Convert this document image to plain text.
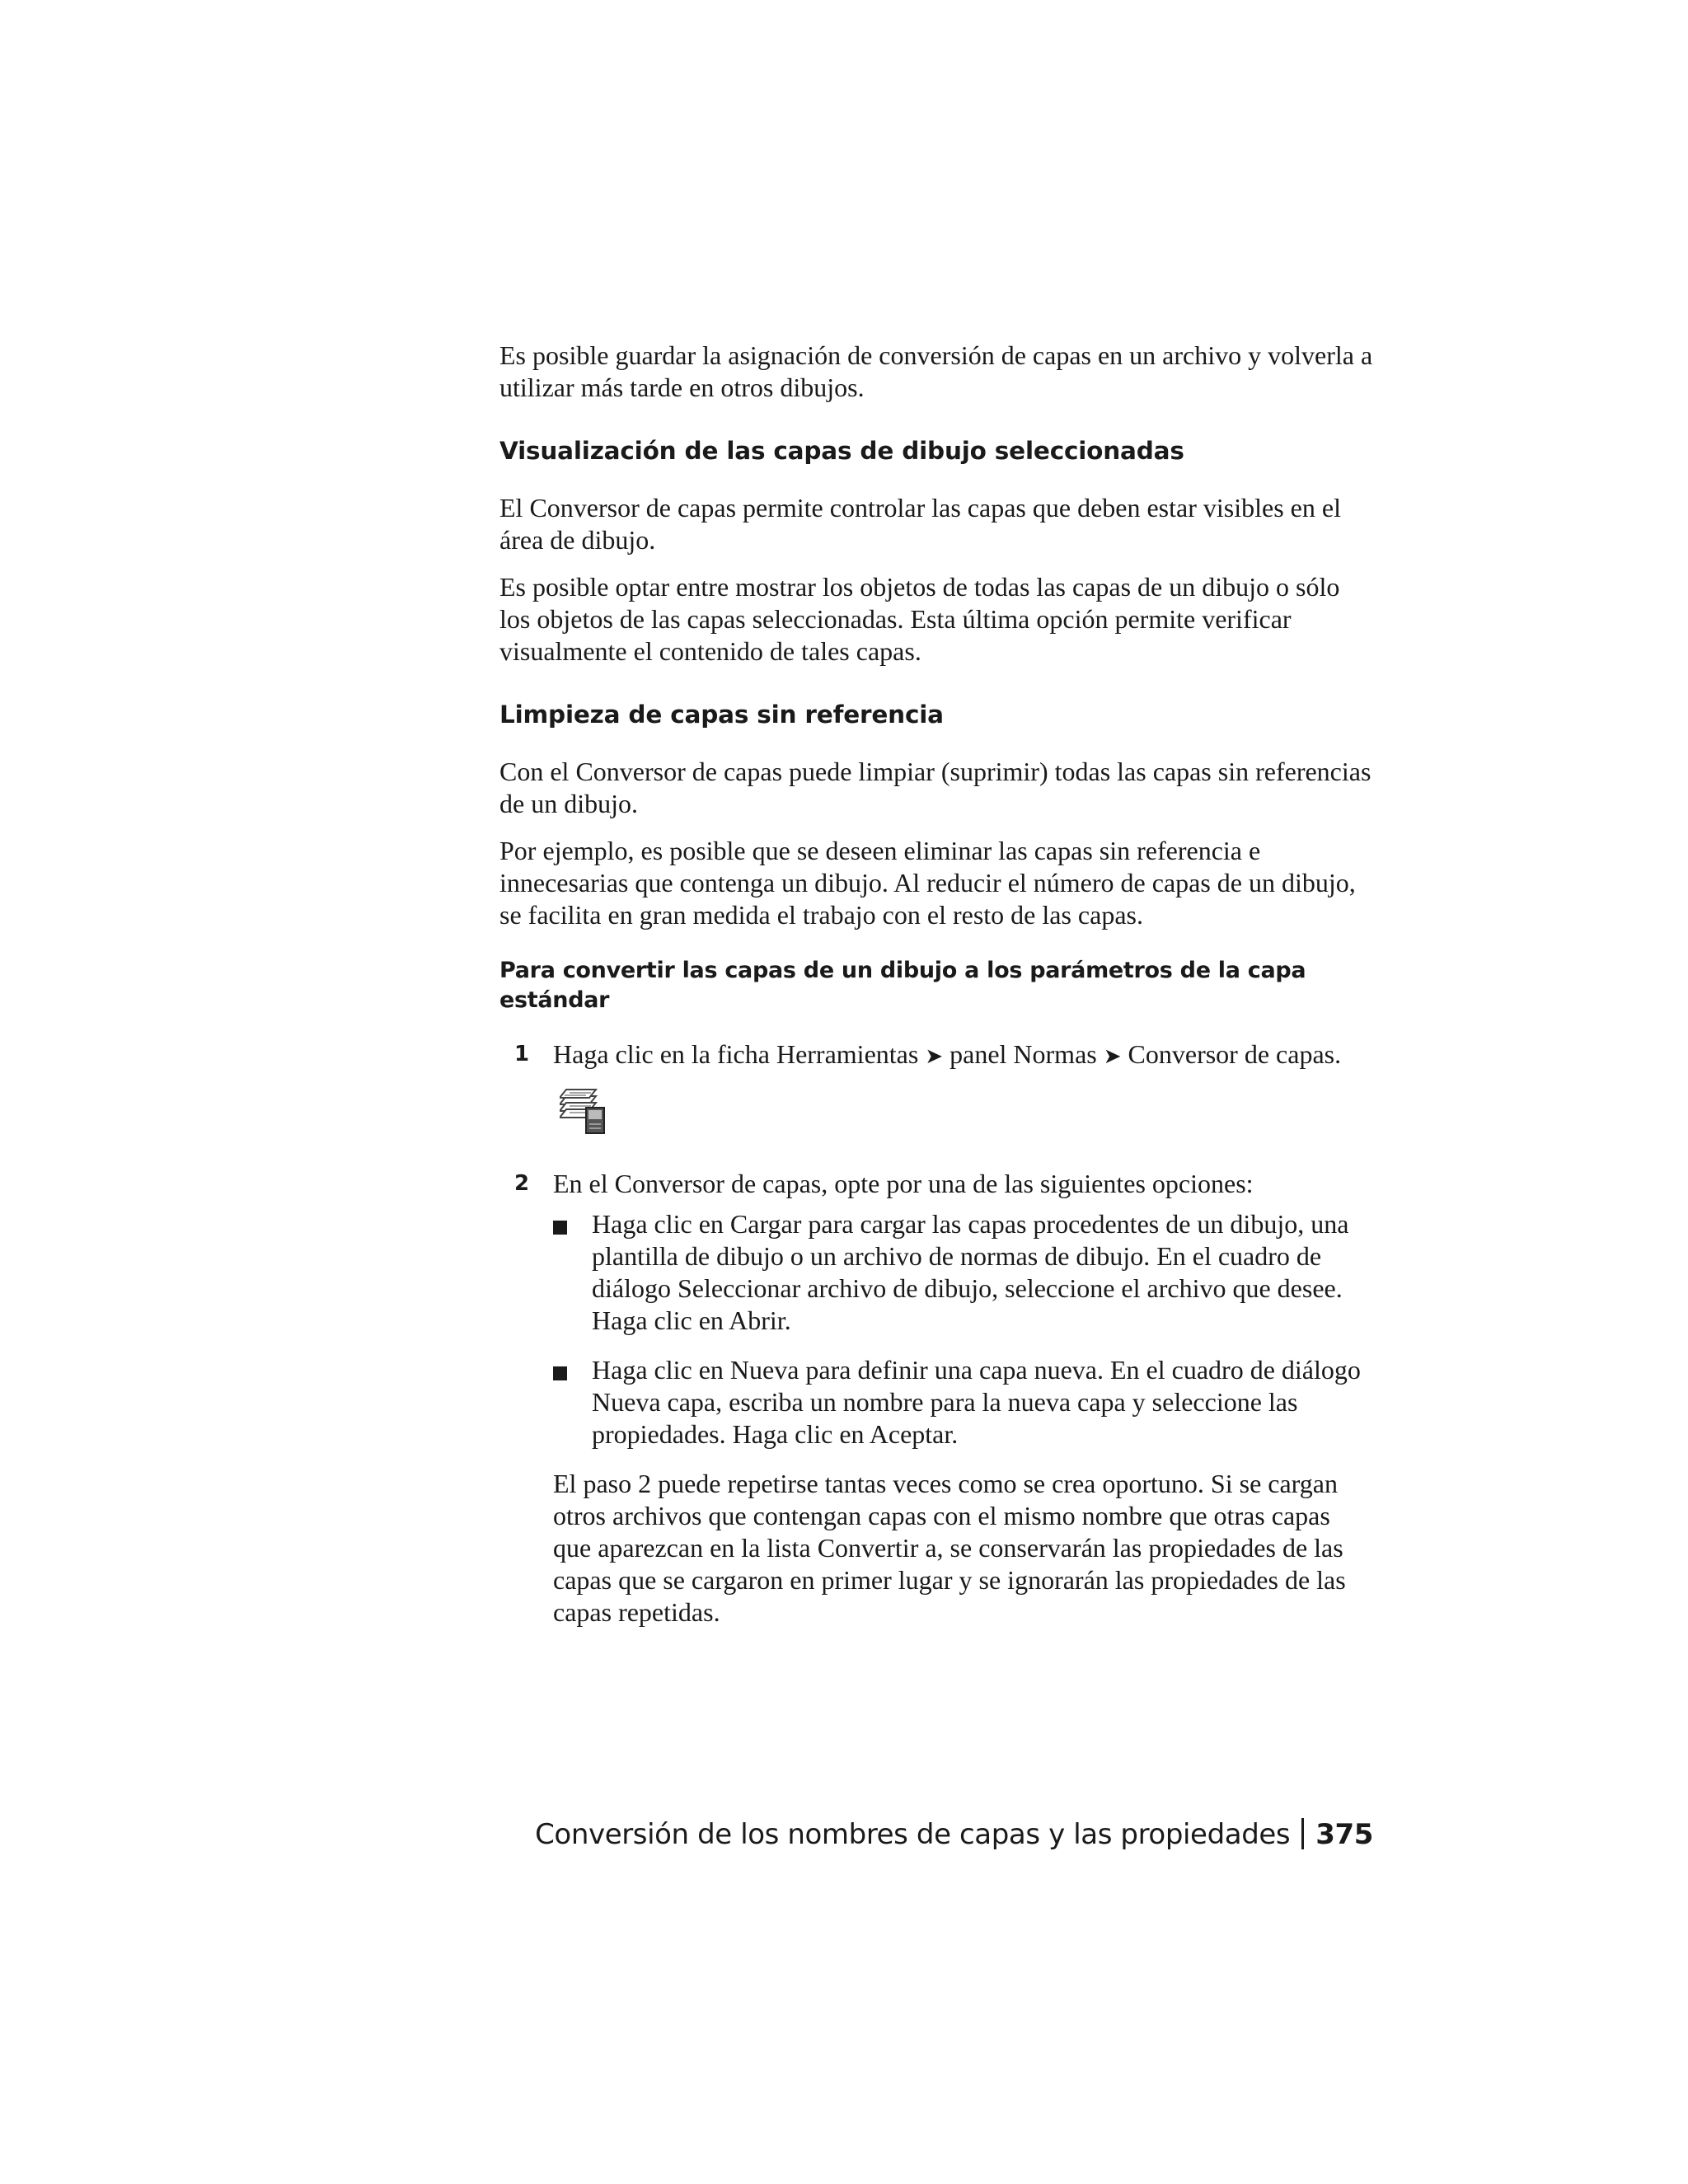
Es posible guardar la asignación de conversión de capas en un archivo y volverla a utilizar más tarde en otros dibujos.

Visualización de las capas de dibujo seleccionadas

El Conversor de capas permite controlar las capas que deben estar visibles en el área de dibujo.

Es posible optar entre mostrar los objetos de todas las capas de un dibujo o sólo los objetos de las capas seleccionadas. Esta última opción permite verificar visualmente el contenido de tales capas.

Limpieza de capas sin referencia

Con el Conversor de capas puede limpiar (suprimir) todas las capas sin referencias de un dibujo.

Por ejemplo, es posible que se deseen eliminar las capas sin referencia e innecesarias que contenga un dibujo. Al reducir el número de capas de un dibujo, se facilita en gran medida el trabajo con el resto de las capas.

Para convertir las capas de un dibujo a los parámetros de la capa estándar
1 Haga clic en la ficha Herramientas ➤ panel Normas ➤ Conversor de capas.

2 En el Conversor de capas, opte por una de las siguientes opciones:

Haga clic en Cargar para cargar las capas procedentes de un dibujo, una plantilla de dibujo o un archivo de normas de dibujo. En el cuadro de diálogo Seleccionar archivo de dibujo, seleccione el archivo que desee. Haga clic en Abrir.

Haga clic en Nueva para definir una capa nueva. En el cuadro de diálogo Nueva capa, escriba un nombre para la nueva capa y seleccione las propiedades. Haga clic en Aceptar.

El paso 2 puede repetirse tantas veces como se crea oportuno. Si se cargan otros archivos que contengan capas con el mismo nombre que otras capas que aparezcan en la lista Convertir a, se conservarán las propiedades de las capas que se cargaron en primer lugar y se ignorarán las propiedades de las capas repetidas.

Conversión de los nombres de capas y las propiedades 375
